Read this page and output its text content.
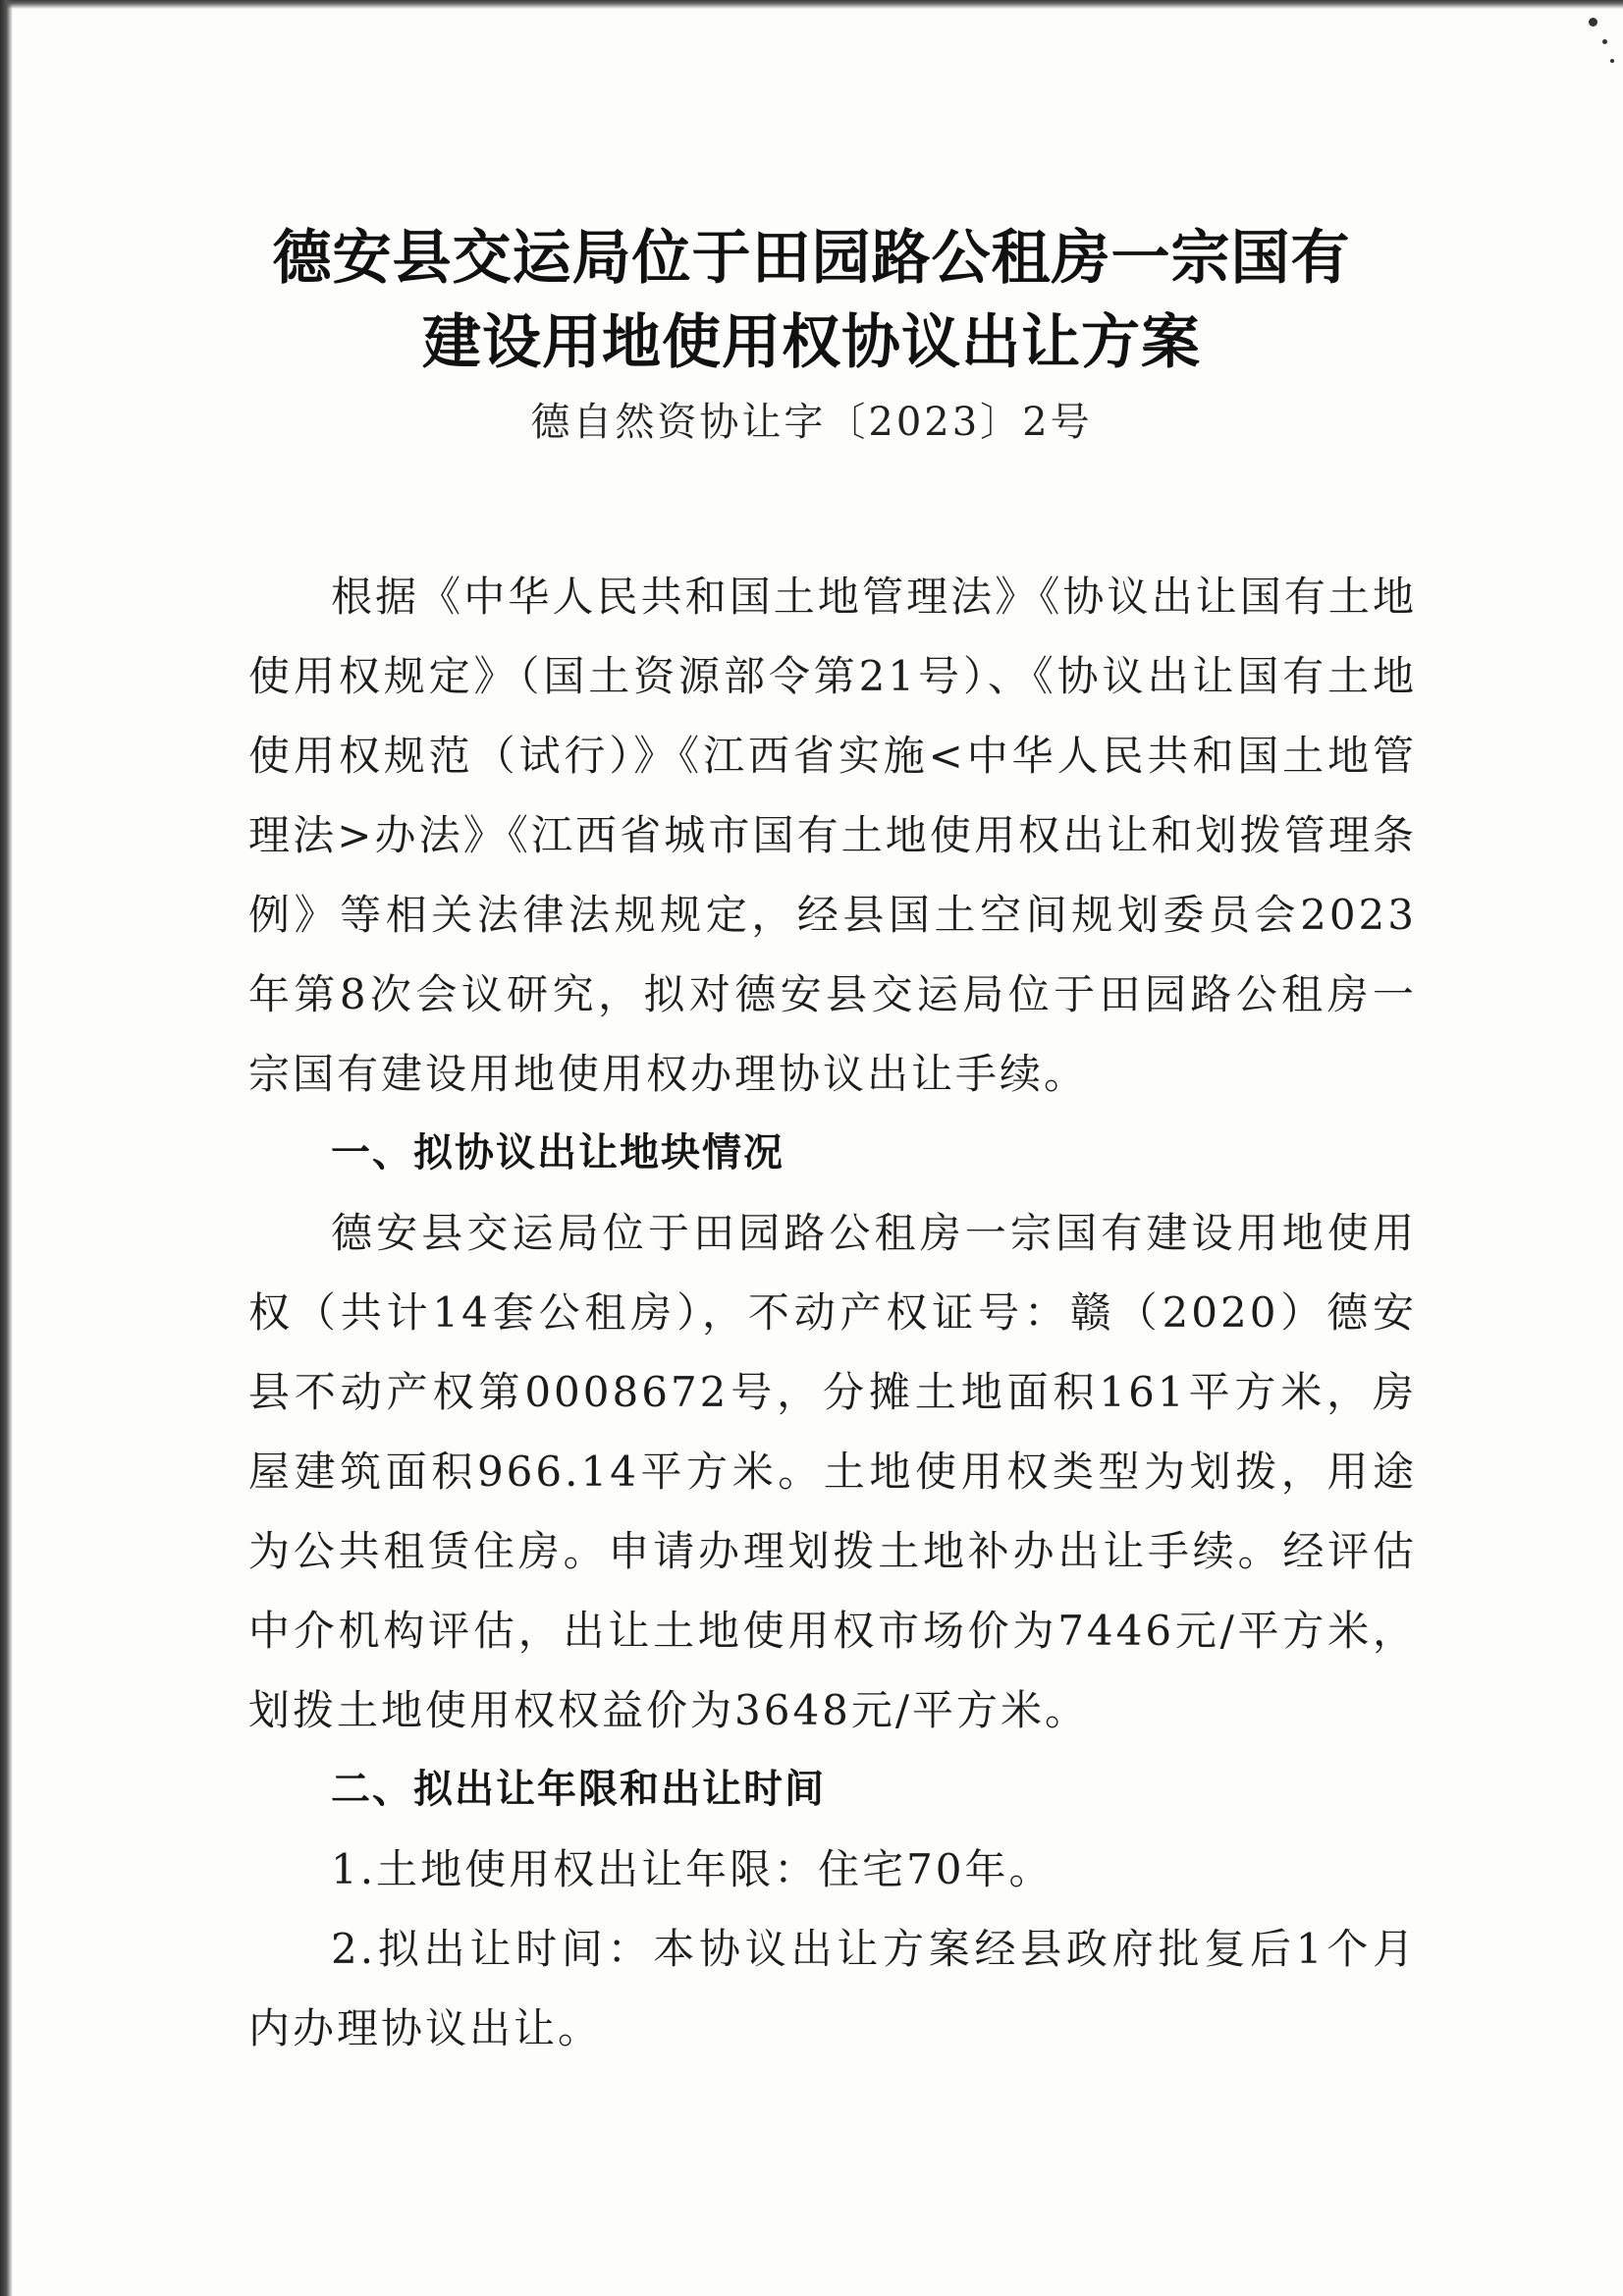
德安县交运局位于田园路公租房一宗国有
建设用地使用权协议出让方案
德自然资协让字〔2023〕2号

根据《中华人民共和国土地管理法》《协议出让国有土地使用权规定》（国土资源部令第21号）、《协议出让国有土地使用权规范（试行）》《江西省实施<中华人民共和国土地管理法>办法》《江西省城市国有土地使用权出让和划拨管理条例》等相关法律法规规定，经县国土空间规划委员会2023年第8次会议研究，拟对德安县交运局位于田园路公租房一宗国有建设用地使用权办理协议出让手续。

一、拟协议出让地块情况

德安县交运局位于田园路公租房一宗国有建设用地使用权（共计14套公租房），不动产权证号：赣（2020）德安县不动产权第0008672号，分摊土地面积161平方米，房屋建筑面积966.14平方米。土地使用权类型为划拨，用途为公共租赁住房。申请办理划拨土地补办出让手续。经评估中介机构评估，出让土地使用权市场价为7446元/平方米，划拨土地使用权权益价为3648元/平方米。

二、拟出让年限和出让时间

1.土地使用权出让年限：住宅70年。

2.拟出让时间：本协议出让方案经县政府批复后1个月内办理协议出让。
